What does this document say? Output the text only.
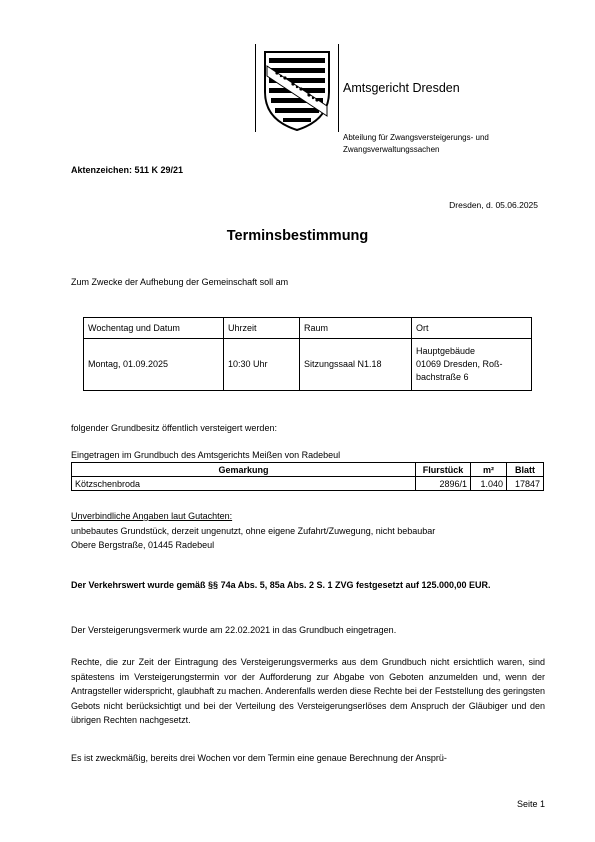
Amtsgericht Dresden
Abteilung für Zwangsversteigerungs- und Zwangsverwaltungssachen
Aktenzeichen: 511 K 29/21
Dresden, d. 05.06.2025
Terminsbestimmung
Zum Zwecke der Aufhebung der Gemeinschaft soll am
Wochentag und Datum	Uhrzeit	Raum	Ort
Montag, 01.09.2025	10:30 Uhr	Sitzungssaal N1.18	Hauptgebäude
01069 Dresden, Roß-
bachstraße 6
folgender Grundbesitz öffentlich versteigert werden:
Eingetragen im Grundbuch des Amtsgerichts Meißen von Radebeul
Gemarkung	Flurstück	m²	Blatt
Kötzschenbroda	2896/1	1.040	17847
Unverbindliche Angaben laut Gutachten:
unbebautes Grundstück, derzeit ungenutzt, ohne eigene Zufahrt/Zuwegung, nicht bebaubar
Obere Bergstraße, 01445 Radebeul
Der Verkehrswert wurde gemäß §§ 74a Abs. 5, 85a Abs. 2 S. 1 ZVG festgesetzt auf 125.000,00 EUR.
Der Versteigerungsvermerk wurde am 22.02.2021 in das Grundbuch eingetragen.
Rechte, die zur Zeit der Eintragung des Versteigerungsvermerks aus dem Grundbuch nicht ersichtlich waren, sind spätestens im Versteigerungstermin vor der Aufforderung zur Abgabe von Geboten anzumelden und, wenn der Antragsteller widerspricht, glaubhaft zu machen. Anderenfalls werden diese Rechte bei der Feststellung des geringsten Gebots nicht berücksichtigt und bei der Verteilung des Versteigerungserlöses dem Anspruch der Gläubiger und den übrigen Rechten nachgesetzt.
Es ist zweckmäßig, bereits drei Wochen vor dem Termin eine genaue Berechnung der Ansprü-
Seite 1
